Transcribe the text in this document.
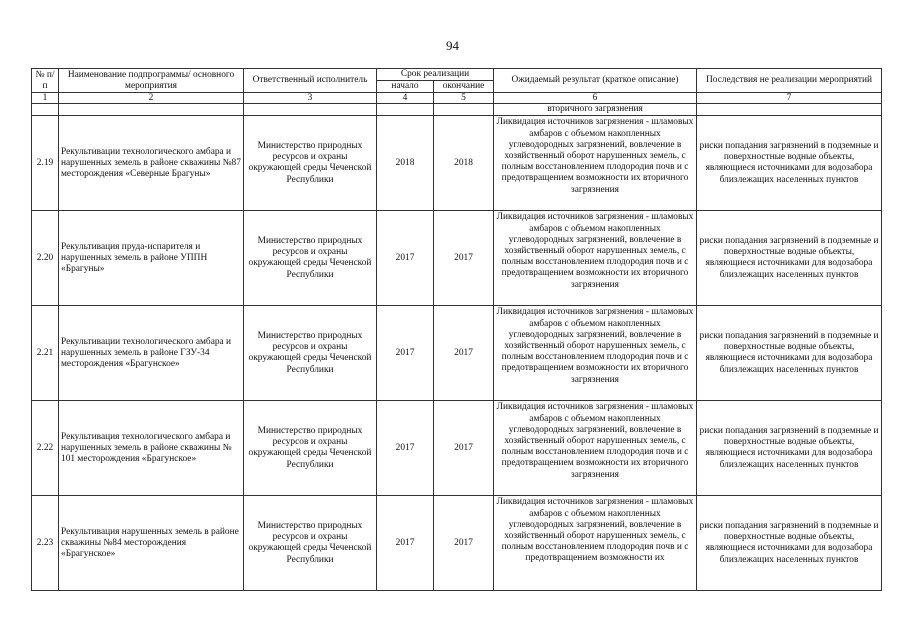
94
№ п/п	Наименование подпрограммы/ основного мероприятия	Ответственный исполнитель	Срок реализации		Ожидаемый результат (краткое описание)	Последствия не реализации мероприятий
			начало	окончание		
1	2	3	4	5	6	7
					вторичного загрязнения	
2.19	Рекультивации технологического амбара и нарушенных земель в районе скважины №87 месторождения «Северные Брагуны»	Министерство природных ресурсов и охраны окружающей среды Чеченской Республики	2018	2018	Ликвидация источников загрязнения - шламовых амбаров с объемом накопленных углеводородных загрязнений, вовлечение в хозяйственный оборот нарушенных земель, с полным восстановлением плодородия почв и с предотвращением возможности их вторичного загрязнения	риски попадания загрязнений в подземные и поверхностные водные объекты, являющиеся источниками для водозабора близлежащих населенных пунктов
2.20	Рекультивация пруда-испарителя и нарушенных земель в районе УППН «Брагуны»	Министерство природных ресурсов и охраны окружающей среды Чеченской Республики	2017	2017	Ликвидация источников загрязнения - шламовых амбаров с объемом накопленных углеводородных загрязнений, вовлечение в хозяйственный оборот нарушенных земель, с полным восстановлением плодородия почв и с предотвращением возможности их вторичного загрязнения	риски попадания загрязнений в подземные и поверхностные водные объекты, являющиеся источниками для водозабора близлежащих населенных пунктов
2.21	Рекультивации технологического амбара и нарушенных земель в районе ГЗУ-34 месторождения «Брагунское»	Министерство природных ресурсов и охраны окружающей среды Чеченской Республики	2017	2017	Ликвидация источников загрязнения - шламовых амбаров с объемом накопленных углеводородных загрязнений, вовлечение в хозяйственный оборот нарушенных земель, с полным восстановлением плодородия почв и с предотвращением возможности их вторичного загрязнения	риски попадания загрязнений в подземные и поверхностные водные объекты, являющиеся источниками для водозабора близлежащих населенных пунктов
2.22	Рекультивация технологического амбара и нарушенных земель в районе скважины № 101 месторождения «Брагунское»	Министерство природных ресурсов и охраны окружающей среды Чеченской Республики	2017	2017	Ликвидация источников загрязнения - шламовых амбаров с объемом накопленных углеводородных загрязнений, вовлечение в хозяйственный оборот нарушенных земель, с полным восстановлением плодородия почв и с предотвращением возможности их вторичного загрязнения	риски попадания загрязнений в подземные и поверхностные водные объекты, являющиеся источниками для водозабора близлежащих населенных пунктов
2.23	Рекультивация нарушенных земель в районе скважины №84 месторождения «Брагунское»	Министерство природных ресурсов и охраны окружающей среды Чеченской Республики	2017	2017	Ликвидация источников загрязнения - шламовых амбаров с объемом накопленных углеводородных загрязнений, вовлечение в хозяйственный оборот нарушенных земель, с полным восстановлением плодородия почв и с предотвращением возможности их	риски попадания загрязнений в подземные и поверхностные водные объекты, являющиеся источниками для водозабора близлежащих населенных пунктов
